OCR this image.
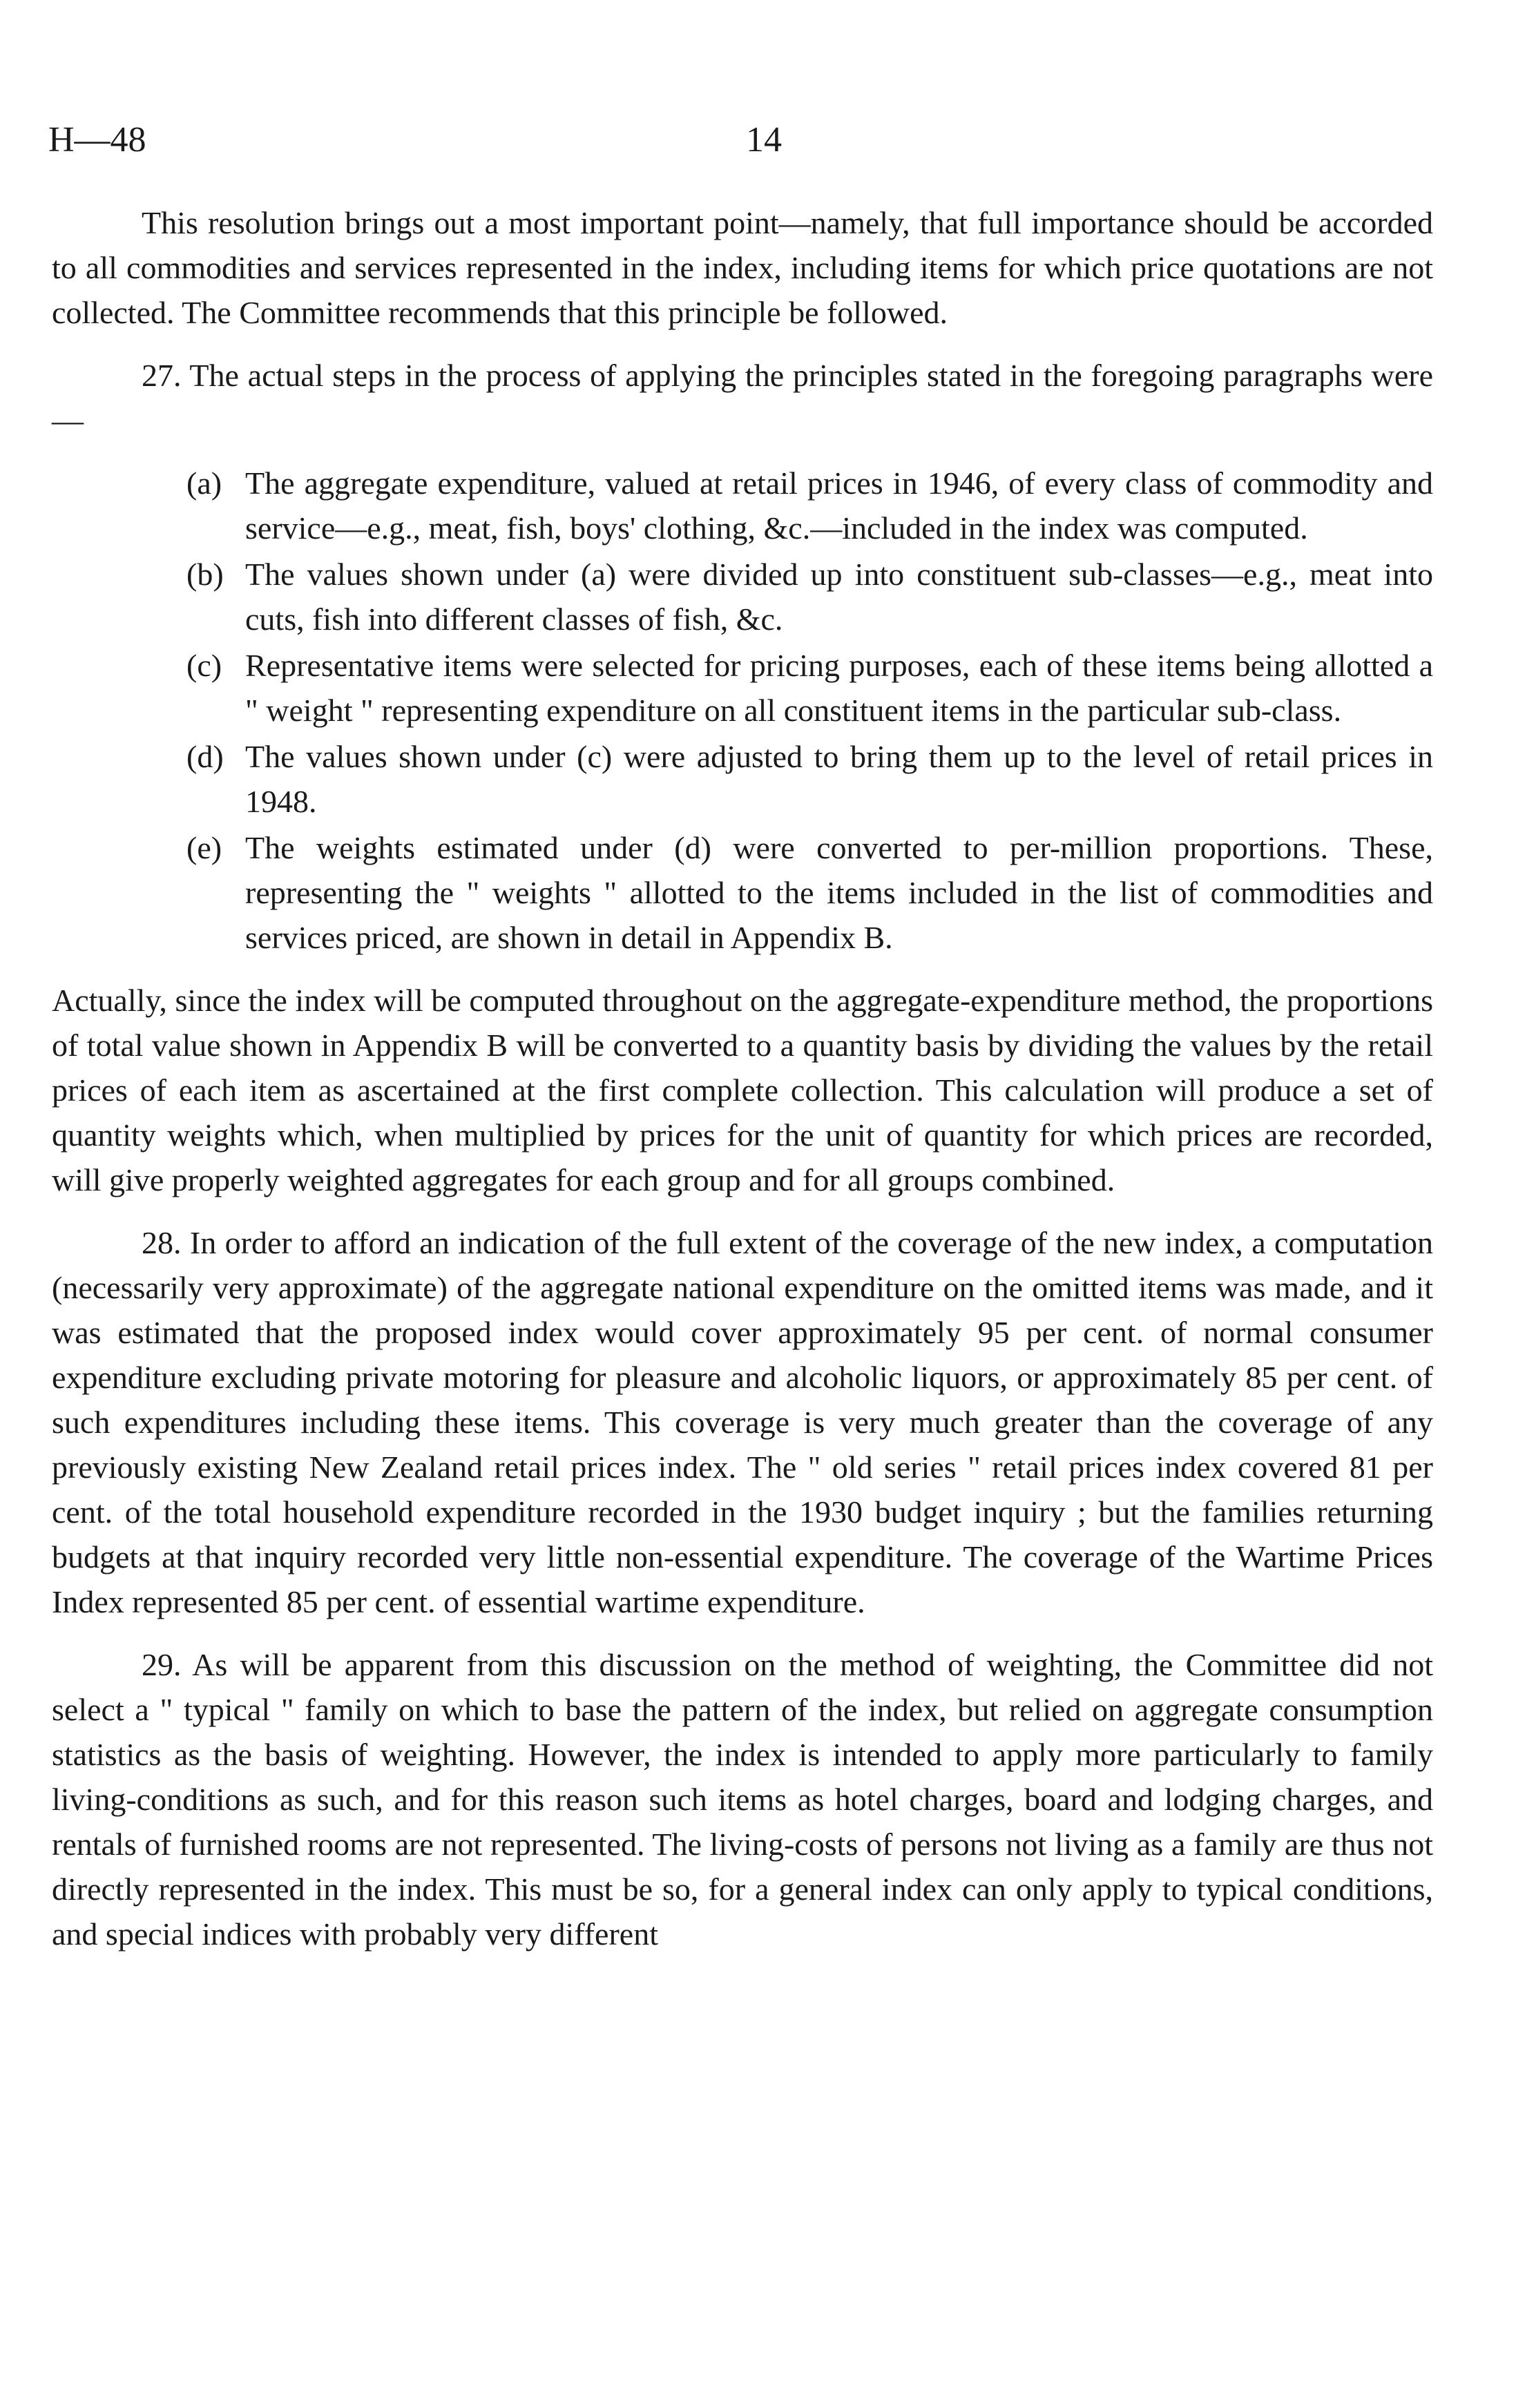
H—48	14

This resolution brings out a most important point—namely, that full importance should be accorded to all commodities and services represented in the index, including items for which price quotations are not collected. The Committee recommends that this principle be followed.

27. The actual steps in the process of applying the principles stated in the foregoing paragraphs were—

(a) The aggregate expenditure, valued at retail prices in 1946, of every class of commodity and service—e.g., meat, fish, boys' clothing, &c.—included in the index was computed.
(b) The values shown under (a) were divided up into constituent sub-classes—e.g., meat into cuts, fish into different classes of fish, &c.
(c) Representative items were selected for pricing purposes, each of these items being allotted a " weight " representing expenditure on all constituent items in the particular sub-class.
(d) The values shown under (c) were adjusted to bring them up to the level of retail prices in 1948.
(e) The weights estimated under (d) were converted to per-million proportions. These, representing the " weights " allotted to the items included in the list of commodities and services priced, are shown in detail in Appendix B.

Actually, since the index will be computed throughout on the aggregate-expenditure method, the proportions of total value shown in Appendix B will be converted to a quantity basis by dividing the values by the retail prices of each item as ascertained at the first complete collection. This calculation will produce a set of quantity weights which, when multiplied by prices for the unit of quantity for which prices are recorded, will give properly weighted aggregates for each group and for all groups combined.

28. In order to afford an indication of the full extent of the coverage of the new index, a computation (necessarily very approximate) of the aggregate national expenditure on the omitted items was made, and it was estimated that the proposed index would cover approximately 95 per cent. of normal consumer expenditure excluding private motoring for pleasure and alcoholic liquors, or approximately 85 per cent. of such expenditures including these items. This coverage is very much greater than the coverage of any previously existing New Zealand retail prices index. The " old series " retail prices index covered 81 per cent. of the total household expenditure recorded in the 1930 budget inquiry ; but the families returning budgets at that inquiry recorded very little non-essential expenditure. The coverage of the Wartime Prices Index represented 85 per cent. of essential wartime expenditure.

29. As will be apparent from this discussion on the method of weighting, the Committee did not select a " typical " family on which to base the pattern of the index, but relied on aggregate consumption statistics as the basis of weighting. However, the index is intended to apply more particularly to family living-conditions as such, and for this reason such items as hotel charges, board and lodging charges, and rentals of furnished rooms are not represented. The living-costs of persons not living as a family are thus not directly represented in the index. This must be so, for a general index can only apply to typical conditions, and special indices with probably very different
